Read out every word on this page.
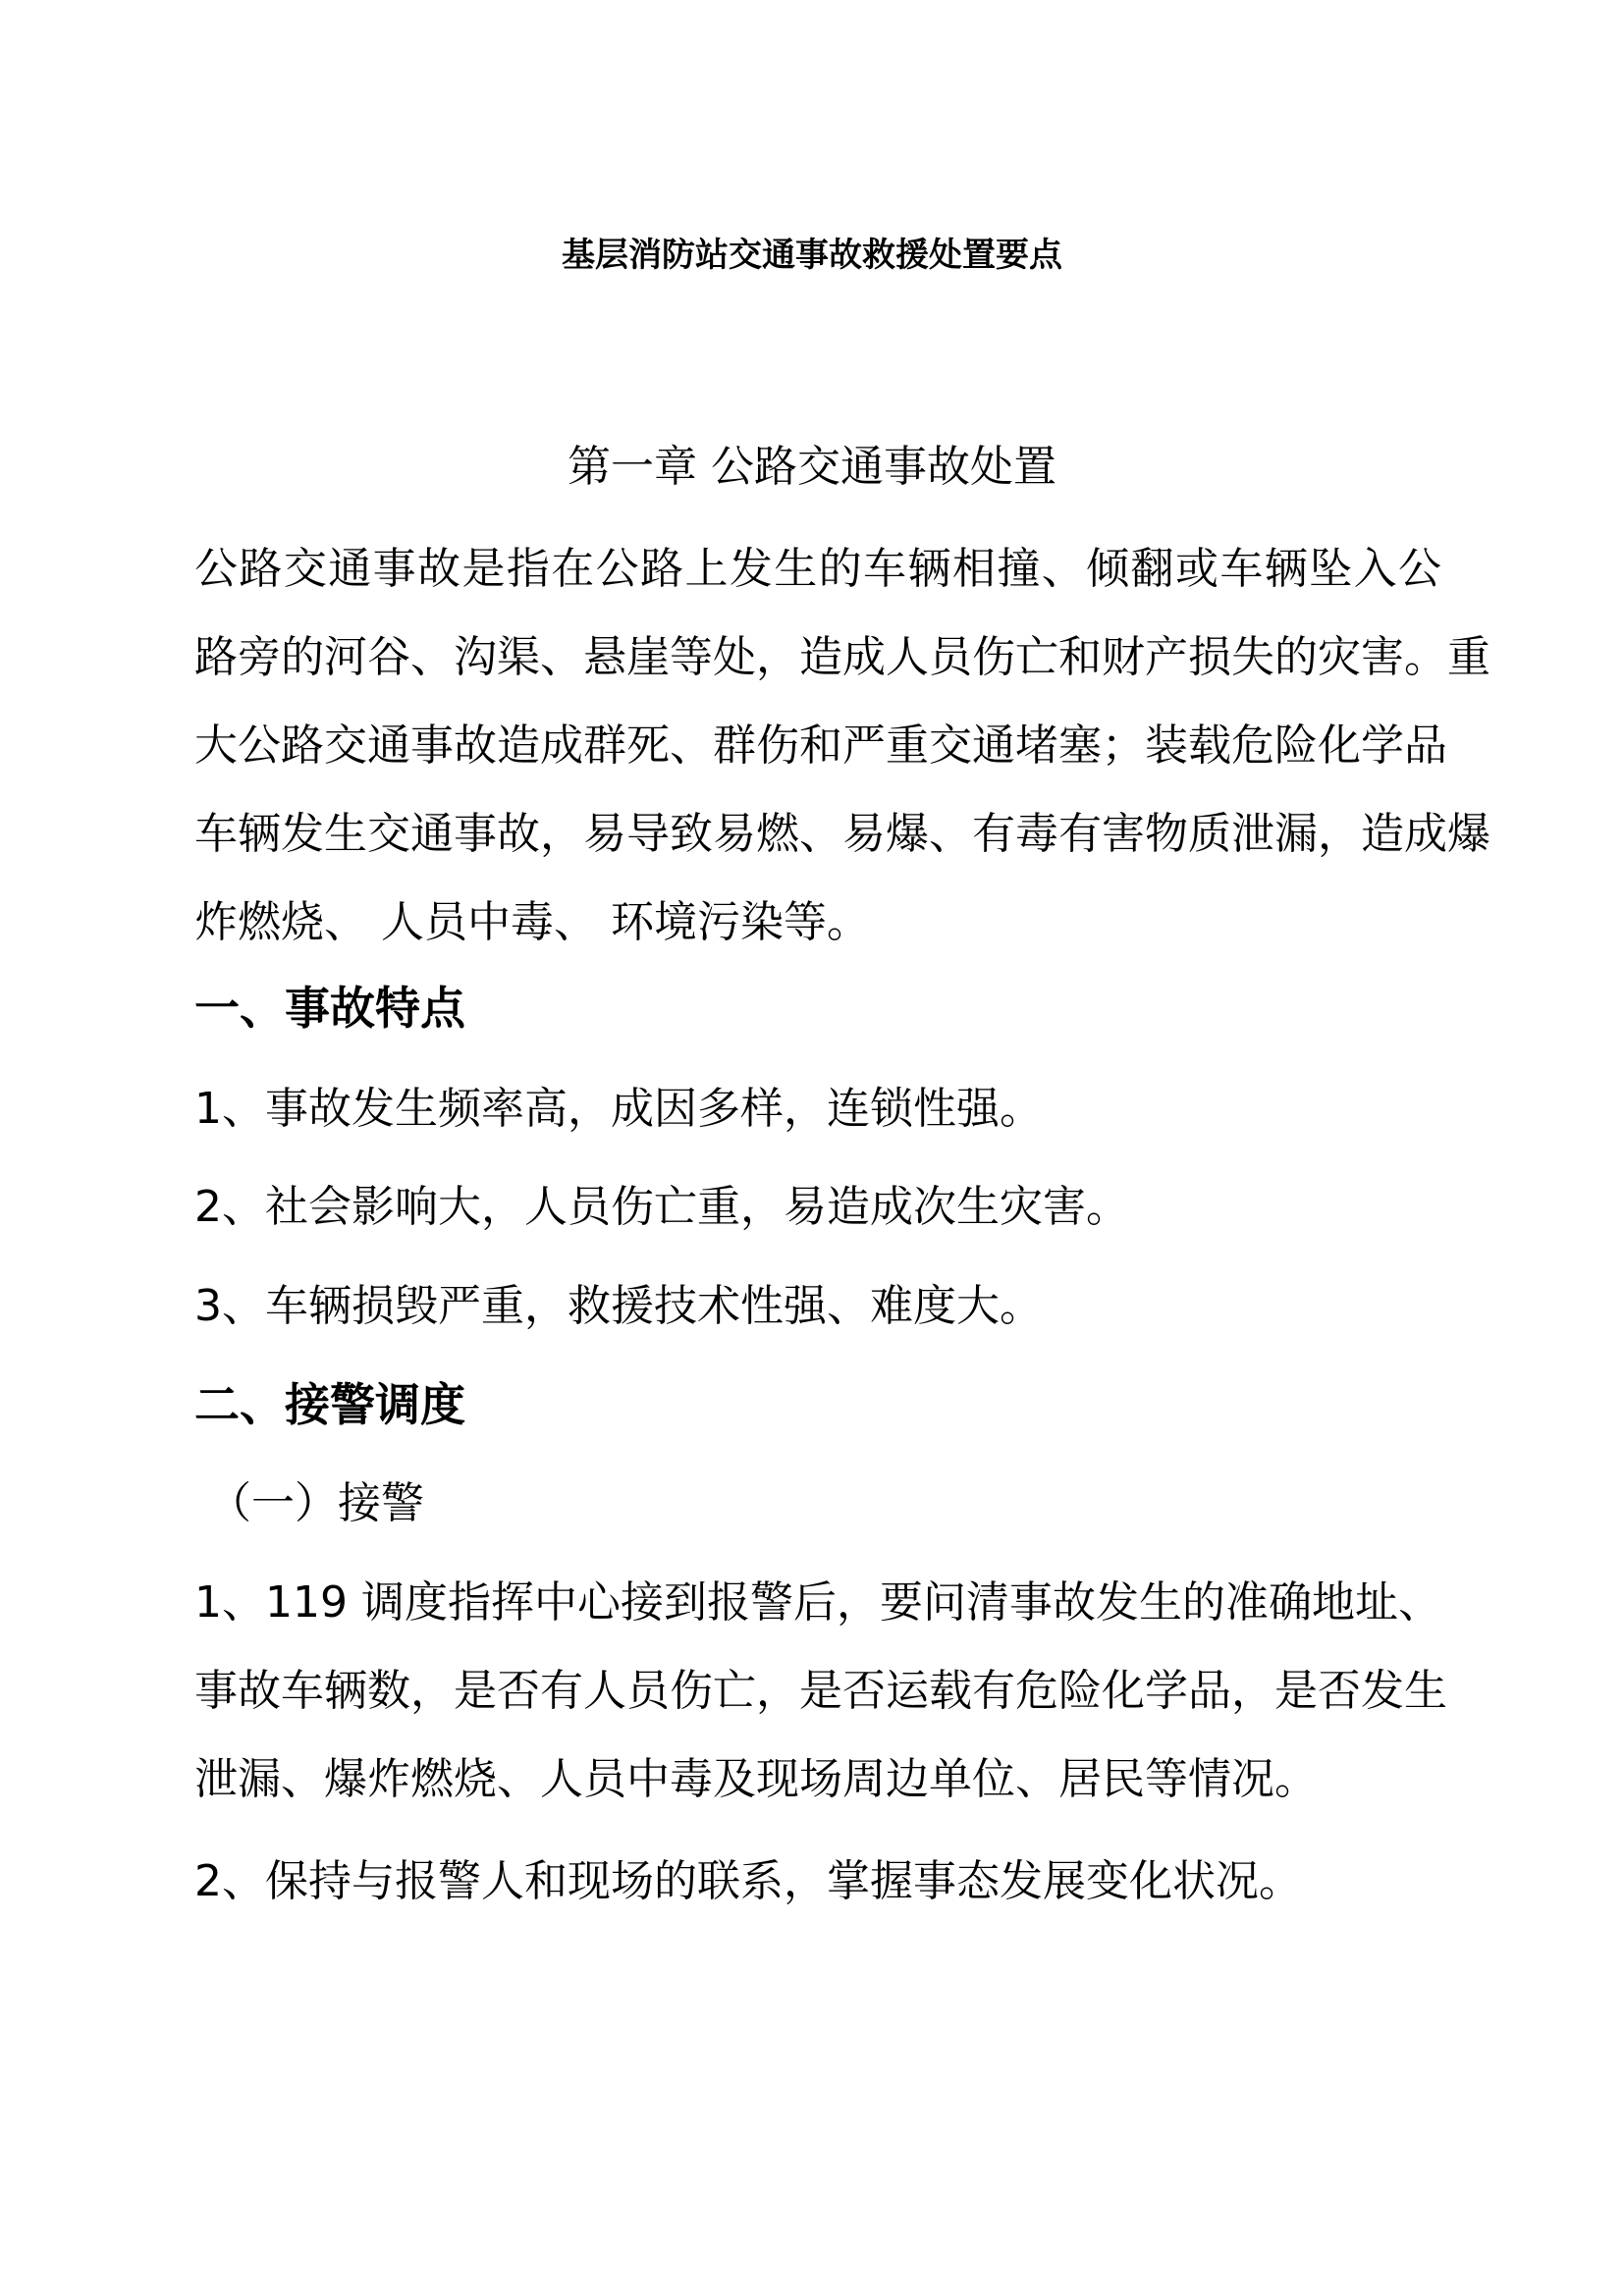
基层消防站交通事故救援处置要点
第一章 公路交通事故处置
公路交通事故是指在公路上发生的车辆相撞、倾翻或车辆坠入公
路旁的河谷、沟渠、悬崖等处，造成人员伤亡和财产损失的灾害。重
大公路交通事故造成群死、群伤和严重交通堵塞；装载危险化学品
车辆发生交通事故，易导致易燃、易爆、有毒有害物质泄漏，造成爆
炸燃烧、 人员中毒、 环境污染等。
一、事故特点
1、事故发生频率高，成因多样，连锁性强。
2、社会影响大，人员伤亡重，易造成次生灾害。
3、车辆损毁严重，救援技术性强、难度大。
二、接警调度
（一）接警
1、119 调度指挥中心接到报警后，要问清事故发生的准确地址、
事故车辆数，是否有人员伤亡，是否运载有危险化学品，是否发生
泄漏、爆炸燃烧、人员中毒及现场周边单位、居民等情况。
2、保持与报警人和现场的联系，掌握事态发展变化状况。
